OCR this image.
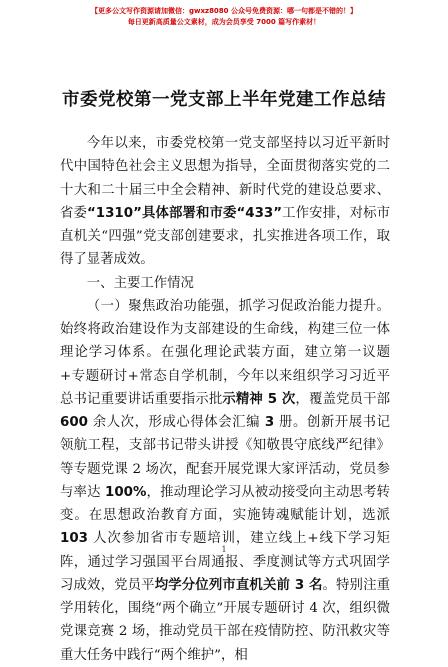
【更多公文写作资源请加微信：gwxz8080 公众号免费资源：哪一句都是不错的！】
每日更新高质量公文素材，成为会员享受 7000 篇写作素材！
市委党校第一党支部上半年党建工作总结

今年以来，市委党校第一党支部坚持以习近平新时代中国特色社会主义思想为指导，全面贯彻落实党的二十大和二十届三中全会精神、新时代党的建设总要求、省委“1310”具体部署和市委“433”工作安排，对标市直机关“四强”党支部创建要求，扎实推进各项工作，取得了显著成效。

一、主要工作情况

（一）聚焦政治功能强，抓学习促政治能力提升。始终将政治建设作为支部建设的生命线，构建三位一体理论学习体系。在强化理论武装方面，建立第一议题+专题研讨+常态自学机制，今年以来组织学习习近平总书记重要讲话重要指示批示精神 5 次，覆盖党员干部600 余人次，形成心得体会汇编 3 册。创新开展书记领航工程，支部书记带头讲授《知敬畏守底线严纪律》等专题党课 2 场次，配套开展党课大家评活动，党员参与率达 100%，推动理论学习从被动接受向主动思考转变。在思想政治教育方面，实施铸魂赋能计划，选派103 人次参加省市专题培训，建立线上+线下学习矩阵，通过学习强国平台周通报、季度测试等方式巩固学习成效，党员平均学分位列市直机关前 3 名。特别注重学用转化，围绕“两个确立”开展专题研讨 4 次，组织微党课竞赛 2 场，推动党员干部在疫情防控、防汛救灾等重大任务中践行“两个维护”，相

1
